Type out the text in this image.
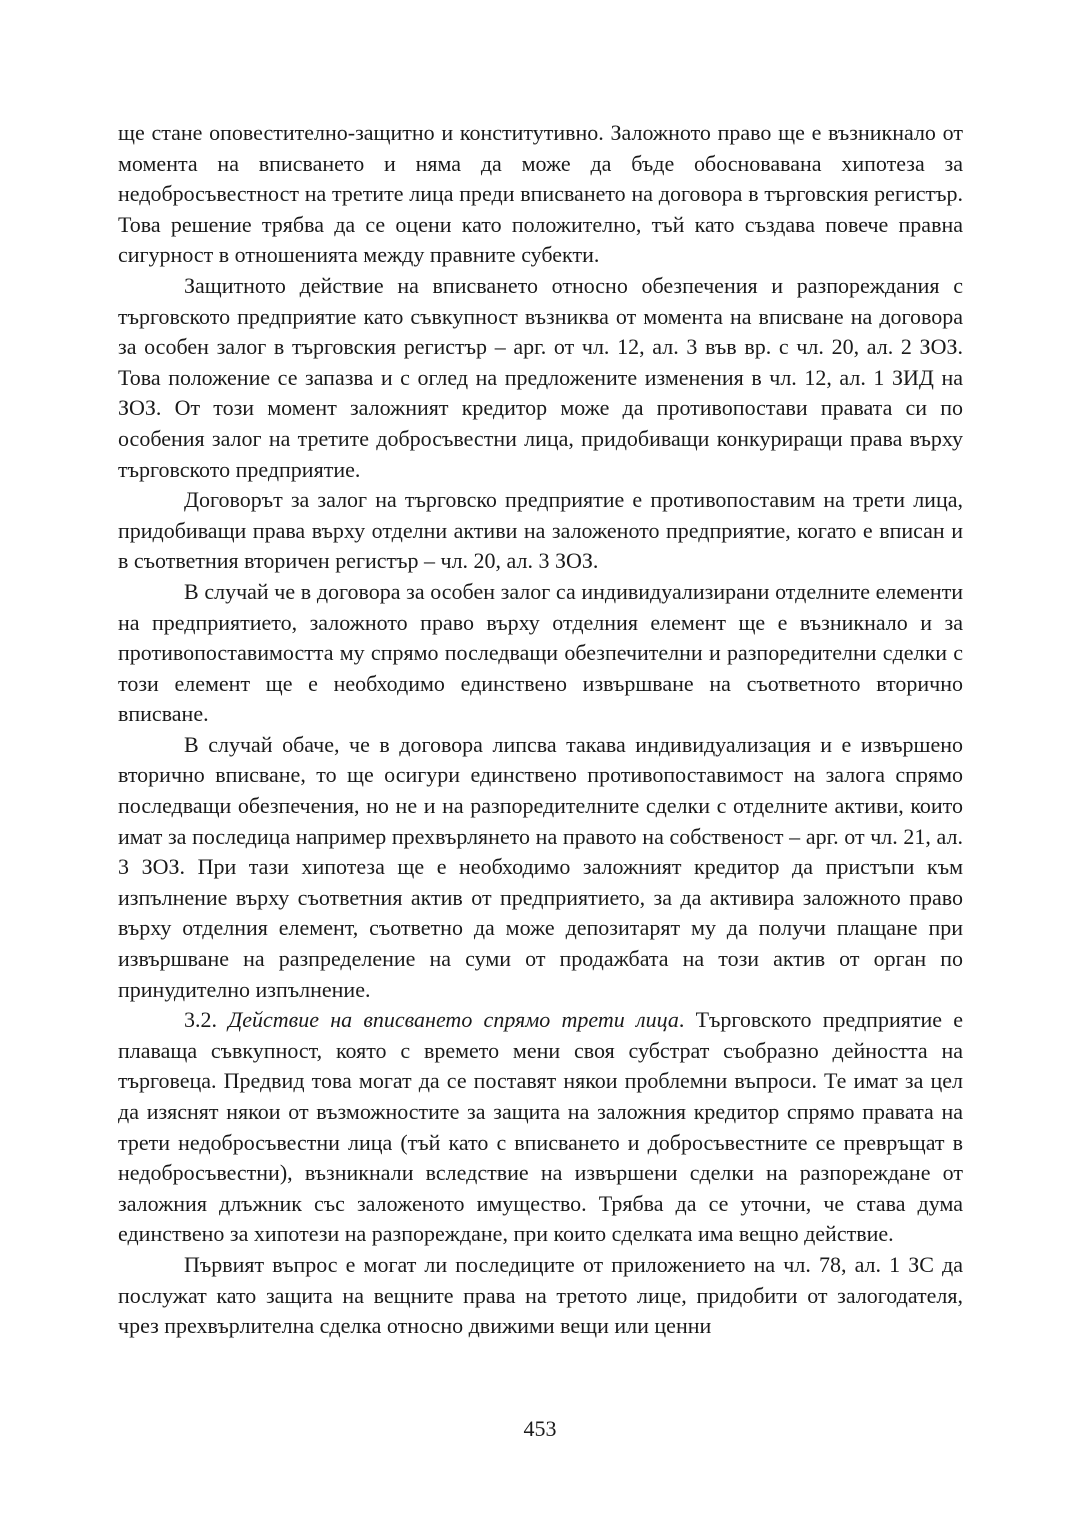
ще стане оповестително-защитно и конститутивно. Заложното право ще е възникнало от момента на вписването и няма да може да бъде обосновавана хипотеза за недобросъвестност на третите лица преди вписването на договора в търговския регистър. Това решение трябва да се оцени като положително, тъй като създава повече правна сигурност в отношенията между правните субекти.

Защитното действие на вписването относно обезпечения и разпореждания с търговското предприятие като съвкупност възниква от момента на вписване на договора за особен залог в търговския регистър – арг. от чл. 12, ал. 3 във вр. с чл. 20, ал. 2 ЗОЗ. Това положение се запазва и с оглед на предложените изменения в чл. 12, ал. 1 ЗИД на ЗОЗ. От този момент заложният кредитор може да противопостави правата си по особения залог на третите добросъвестни лица, придобиващи конкуриращи права върху търговското предприятие.

Договорът за залог на търговско предприятие е противопоставим на трети лица, придобиващи права върху отделни активи на заложеното предприятие, когато е вписан и в съответния вторичен регистър – чл. 20, ал. 3 ЗОЗ.

В случай че в договора за особен залог са индивидуализирани отделните елементи на предприятието, заложното право върху отделния елемент ще е възникнало и за противопоставимостта му спрямо последващи обезпечителни и разпоредителни сделки с този елемент ще е необходимо единствено извършване на съответното вторично вписване.

В случай обаче, че в договора липсва такава индивидуализация и е извършено вторично вписване, то ще осигури единствено противопоставимост на залога спрямо последващи обезпечения, но не и на разпоредителните сделки с отделните активи, които имат за последица например прехвърлянето на правото на собственост – арг. от чл. 21, ал. 3 ЗОЗ. При тази хипотеза ще е необходимо заложният кредитор да пристъпи към изпълнение върху съответния актив от предприятието, за да активира заложното право върху отделния елемент, съответно да може депозитарят му да получи плащане при извършване на разпределение на суми от продажбата на този актив от орган по принудително изпълнение.

3.2. Действие на вписването спрямо трети лица. Търговското предприятие е плаваща съвкупност, която с времето мени своя субстрат съобразно дейността на търговеца. Предвид това могат да се поставят някои проблемни въпроси. Те имат за цел да изяснят някои от възможностите за защита на заложния кредитор спрямо правата на трети недобросъвестни лица (тъй като с вписването и добросъвестните се превръщат в недобросъвестни), възникнали вследствие на извършени сделки на разпореждане от заложния длъжник със заложеното имущество. Трябва да се уточни, че става дума единствено за хипотези на разпореждане, при които сделката има вещно действие.

Първият въпрос е могат ли последиците от приложението на чл. 78, ал. 1 ЗС да послужат като защита на вещните права на третото лице, придобити от залогодателя, чрез прехвърлителна сделка относно движими вещи или ценни

453
